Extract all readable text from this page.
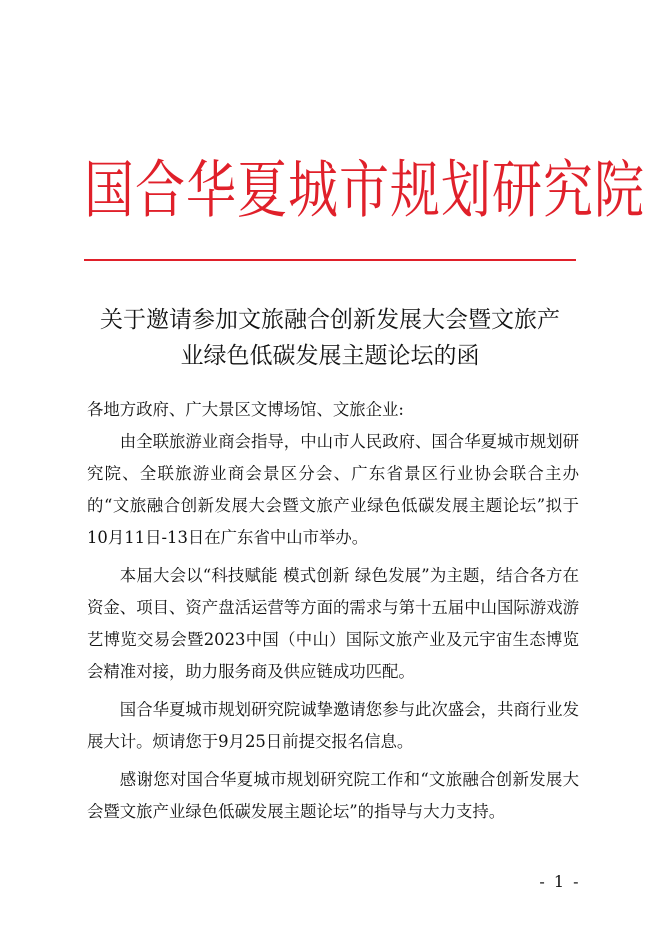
国合华夏城市规划研究院
关于邀请参加文旅融合创新发展大会暨文旅产
业绿色低碳发展主题论坛的函

各地方政府、广大景区文博场馆、文旅企业:

由全联旅游业商会指导，中山市人民政府、国合华夏城市规划研究院、全联旅游业商会景区分会、广东省景区行业协会联合主办的“文旅融合创新发展大会暨文旅产业绿色低碳发展主题论坛”拟于10月11日-13日在广东省中山市举办。

本届大会以“科技赋能 模式创新 绿色发展”为主题，结合各方在资金、项目、资产盘活运营等方面的需求与第十五届中山国际游戏游艺博览交易会暨2023中国（中山）国际文旅产业及元宇宙生态博览会精准对接，助力服务商及供应链成功匹配。

国合华夏城市规划研究院诚挚邀请您参与此次盛会，共商行业发展大计。烦请您于9月25日前提交报名信息。

感谢您对国合华夏城市规划研究院工作和“文旅融合创新发展大会暨文旅产业绿色低碳发展主题论坛”的指导与大力支持。

- 1 -
